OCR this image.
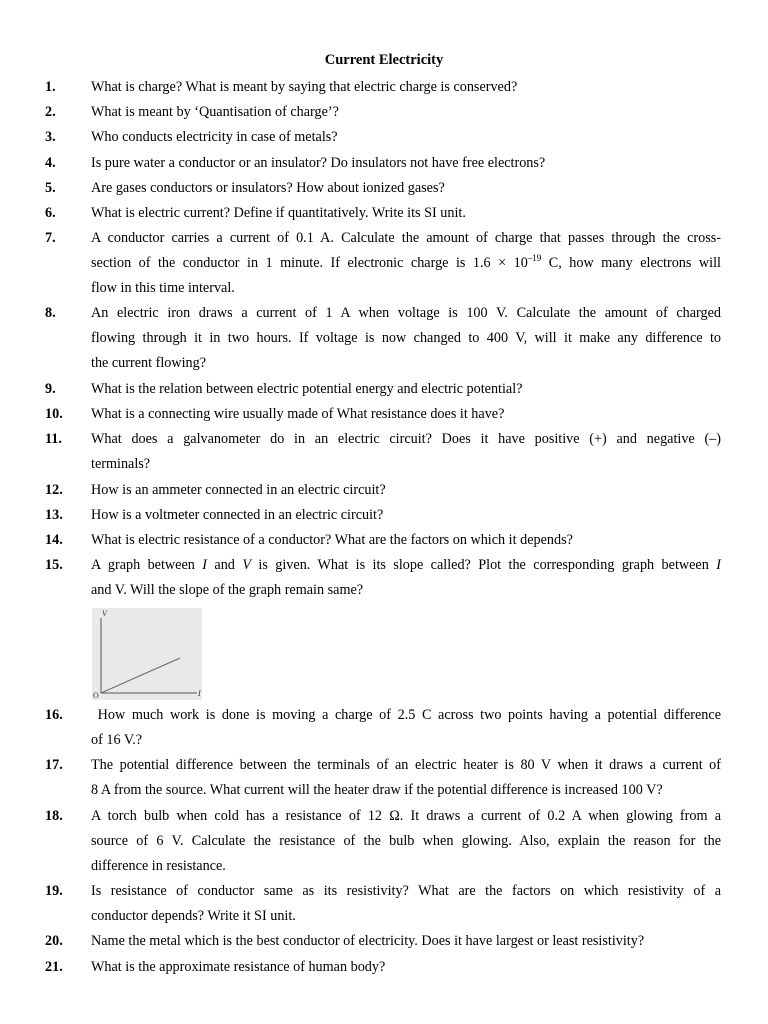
Current Electricity
1. What is charge? What is meant by saying that electric charge is conserved?
2. What is meant by ‘Quantisation of charge’?
3. Who conducts electricity in case of metals?
4. Is pure water a conductor or an insulator? Do insulators not have free electrons?
5. Are gases conductors or insulators? How about ionized gases?
6. What is electric current? Define if quantitatively. Write its SI unit.
7. A conductor carries a current of 0.1 A. Calculate the amount of charge that passes through the cross-
section of the conductor in 1 minute. If electronic charge is $1.6 \times 10^{-19}$ C, how many electrons will
flow in this time interval.
8. An electric iron draws a current of 1 A when voltage is 100 V. Calculate the amount of charged
flowing through it in two hours. If voltage is now changed to 400 V, will it make any difference to
the current flowing?
9. What is the relation between electric potential energy and electric potential?
10. What is a connecting wire usually made of What resistance does it have?
11. What does a galvanometer do in an electric circuit? Does it have positive (+) and negative (–)
terminals?
12. How is an ammeter connected in an electric circuit?
13. How is a voltmeter connected in an electric circuit?
14. What is electric resistance of a conductor? What are the factors on which it depends?
15. A graph between I and V is given. What is its slope called? Plot the corresponding graph between I
and V. Will the slope of the graph remain same?
V
O	I
16. How much work is done is moving a charge of 2.5 C across two points having a potential difference
of 16 V.?
17. The potential difference between the terminals of an electric heater is 80 V when it draws a current of
8 A from the source. What current will the heater draw if the potential difference is increased 100 V?
18. A torch bulb when cold has a resistance of 12 Ω. It draws a current of 0.2 A when glowing from a
source of 6 V. Calculate the resistance of the bulb when glowing. Also, explain the reason for the
difference in resistance.
19. Is resistance of conductor same as its resistivity? What are the factors on which resistivity of a
conductor depends? Write it SI unit.
20. Name the metal which is the best conductor of electricity. Does it have largest or least resistivity?
21. What is the approximate resistance of human body?
